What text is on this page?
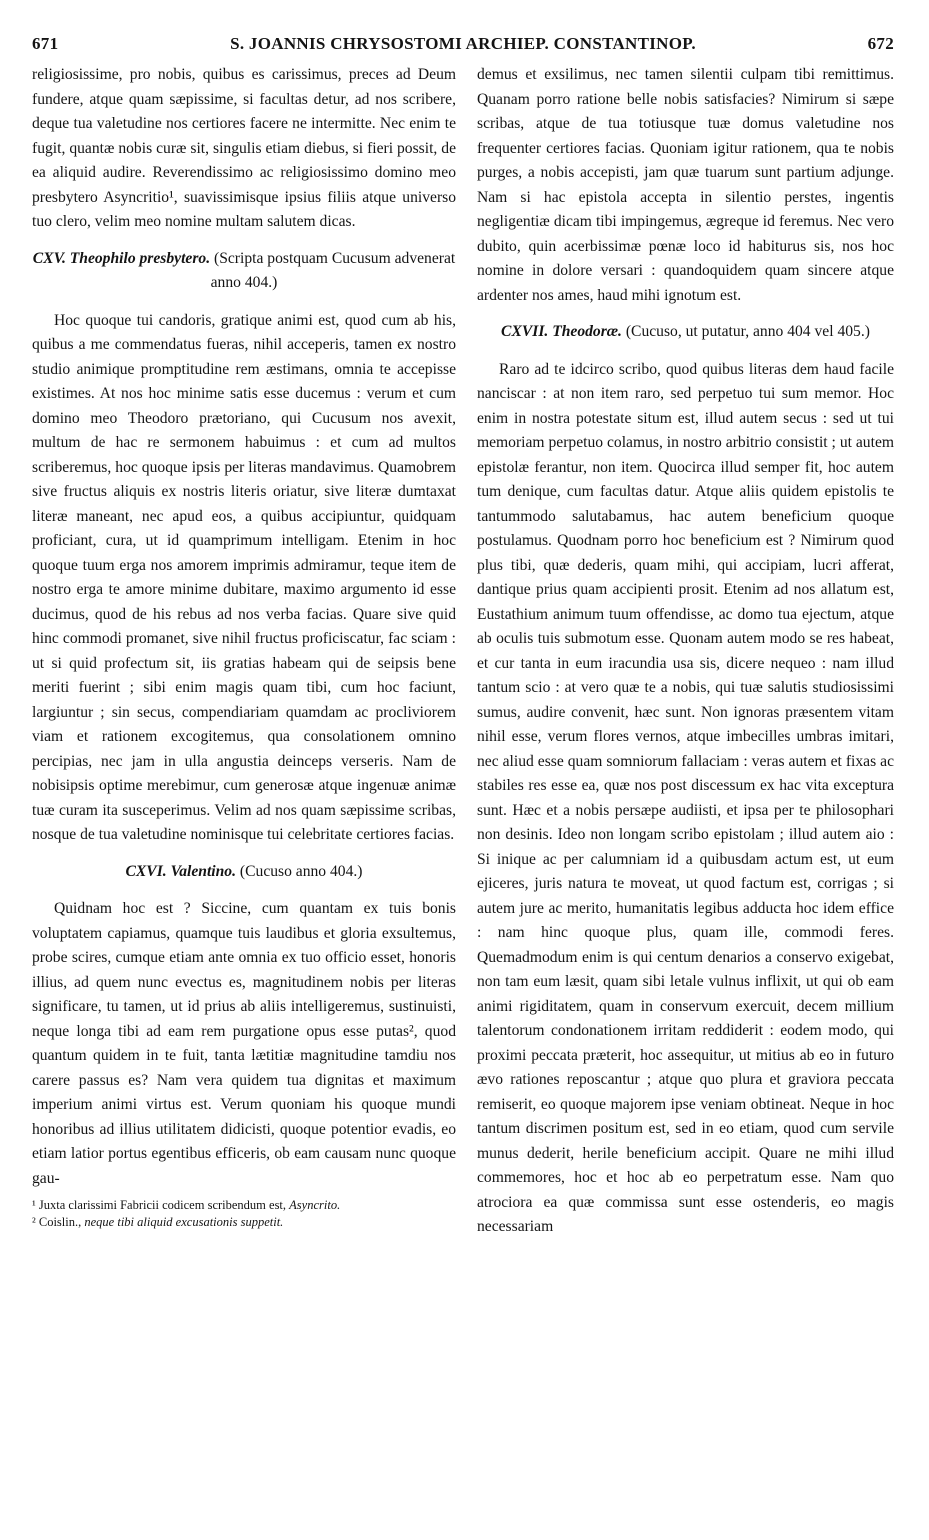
671	S. JOANNIS CHRYSOSTOMI ARCHIEP. CONSTANTINOP.	672

religiosissime, pro nobis, quibus es carissimus, preces ad Deum fundere, atque quam sæpissime, si facultas detur, ad nos scribere, deque tua valetudine nos certiores facere ne intermitte. Nec enim te fugit, quantæ nobis curæ sit, singulis etiam diebus, si fieri possit, de ea aliquid audire. Reverendissimo ac religiosissimo domino meo presbytero Asyncritio¹, suavissimisque ipsius filiis atque universo tuo clero, velim meo nomine multam salutem dicas.

CXV. Theophilo presbytero. (Scripta postquam Cucusum advenerat anno 404.)

Hoc quoque tui candoris, gratique animi est, quod cum ab his, quibus a me commendatus fueras, nihil acceperis, tamen ex nostro studio animique promptitudine rem æstimans, omnia te accepisse existimes. At nos hoc minime satis esse ducemus : verum et cum domino meo Theodoro prætoriano, qui Cucusum nos avexit, multum de hac re sermonem habuimus : et cum ad multos scriberemus, hoc quoque ipsis per literas mandavimus. Quamobrem sive fructus aliquis ex nostris literis oriatur, sive literæ dumtaxat literæ maneant, nec apud eos, a quibus accipiuntur, quidquam proficiant, cura, ut id quamprimum intelligam. Etenim in hoc quoque tuum erga nos amorem imprimis admiramur, teque item de nostro erga te amore minime dubitare, maximo argumento id esse ducimus, quod de his rebus ad nos verba facias. Quare sive quid hinc commodi promanet, sive nihil fructus proficiscatur, fac sciam : ut si quid profectum sit, iis gratias habeam qui de seipsis bene meriti fuerint ; sibi enim magis quam tibi, cum hoc faciunt, largiuntur ; sin secus, compendiariam quamdam ac procliviorem viam et rationem excogitemus, qua consolationem omnino percipias, nec jam in ulla angustia deinceps verseris. Nam de nobisipsis optime merebimur, cum generosæ atque ingenuæ animæ tuæ curam ita susceperimus. Velim ad nos quam sæpissime scribas, nosque de tua valetudine nominisque tui celebritate certiores facias.

CXVI. Valentino. (Cucuso anno 404.)

Quidnam hoc est ? Siccine, cum quantam ex tuis bonis voluptatem capiamus, quamque tuis laudibus et gloria exsultemus, probe scires, cumque etiam ante omnia ex tuo officio esset, honoris illius, ad quem nunc evectus es, magnitudinem nobis per literas significare, tu tamen, ut id prius ab aliis intelligeremus, sustinuisti, neque longa tibi ad eam rem purgatione opus esse putas², quod quantum quidem in te fuit, tanta lætitiæ magnitudine tamdiu nos carere passus es? Nam vera quidem tua dignitas et maximum imperium animi virtus est. Verum quoniam his quoque mundi honoribus ad illius utilitatem didicisti, quoque potentior evadis, eo etiam latior portus egentibus efficeris, ob eam causam nunc quoque gau-

¹ Juxta clarissimi Fabricii codicem scribendum est, Asyncrito.

² Coislin., neque tibi aliquid excusationis suppetit.

demus et exsilimus, nec tamen silentii culpam tibi remittimus. Quanam porro ratione belle nobis satisfacies? Nimirum si sæpe scribas, atque de tua totiusque tuæ domus valetudine nos frequenter certiores facias. Quoniam igitur rationem, qua te nobis purges, a nobis accepisti, jam quæ tuarum sunt partium adjunge. Nam si hac epistola accepta in silentio perstes, ingentis negligentiæ dicam tibi impingemus, ægreque id feremus. Nec vero dubito, quin acerbissimæ pœnæ loco id habiturus sis, nos hoc nomine in dolore versari : quandoquidem quam sincere atque ardenter nos ames, haud mihi ignotum est.

CXVII. Theodoræ. (Cucuso, ut putatur, anno 404 vel 405.)

Raro ad te idcirco scribo, quod quibus literas dem haud facile nanciscar : at non item raro, sed perpetuo tui sum memor. Hoc enim in nostra potestate situm est, illud autem secus : sed ut tui memoriam perpetuo colamus, in nostro arbitrio consistit ; ut autem epistolæ ferantur, non item. Quocirca illud semper fit, hoc autem tum denique, cum facultas datur. Atque aliis quidem epistolis te tantummodo salutabamus, hac autem beneficium quoque postulamus. Quodnam porro hoc beneficium est ? Nimirum quod plus tibi, quæ dederis, quam mihi, qui accipiam, lucri afferat, dantique prius quam accipienti prosit. Etenim ad nos allatum est, Eustathium animum tuum offendisse, ac domo tua ejectum, atque ab oculis tuis submotum esse. Quonam autem modo se res habeat, et cur tanta in eum iracundia usa sis, dicere nequeo : nam illud tantum scio : at vero quæ te a nobis, qui tuæ salutis studiosissimi sumus, audire convenit, hæc sunt. Non ignoras præsentem vitam nihil esse, verum flores vernos, atque imbecilles umbras imitari, nec aliud esse quam somniorum fallaciam : veras autem et fixas ac stabiles res esse ea, quæ nos post discessum ex hac vita exceptura sunt. Hæc et a nobis persæpe audiisti, et ipsa per te philosophari non desinis. Ideo non longam scribo epistolam ; illud autem aio : Si inique ac per calumniam id a quibusdam actum est, ut eum ejiceres, juris natura te moveat, ut quod factum est, corrigas ; si autem jure ac merito, humanitatis legibus adducta hoc idem effice : nam hinc quoque plus, quam ille, commodi feres. Quemadmodum enim is qui centum denarios a conservo exigebat, non tam eum læsit, quam sibi letale vulnus inflixit, ut qui ob eam animi rigiditatem, quam in conservum exercuit, decem millium talentorum condonationem irritam reddiderit : eodem modo, qui proximi peccata præterit, hoc assequitur, ut mitius ab eo in futuro ævo rationes reposcantur ; atque quo plura et graviora peccata remiserit, eo quoque majorem ipse veniam obtineat. Neque in hoc tantum discrimen positum est, sed in eo etiam, quod cum servile munus dederit, herile beneficium accipit. Quare ne mihi illud commemores, hoc et hoc ab eo perpetratum esse. Nam quo atrociora ea quæ commissa sunt esse ostenderis, eo magis necessariam
